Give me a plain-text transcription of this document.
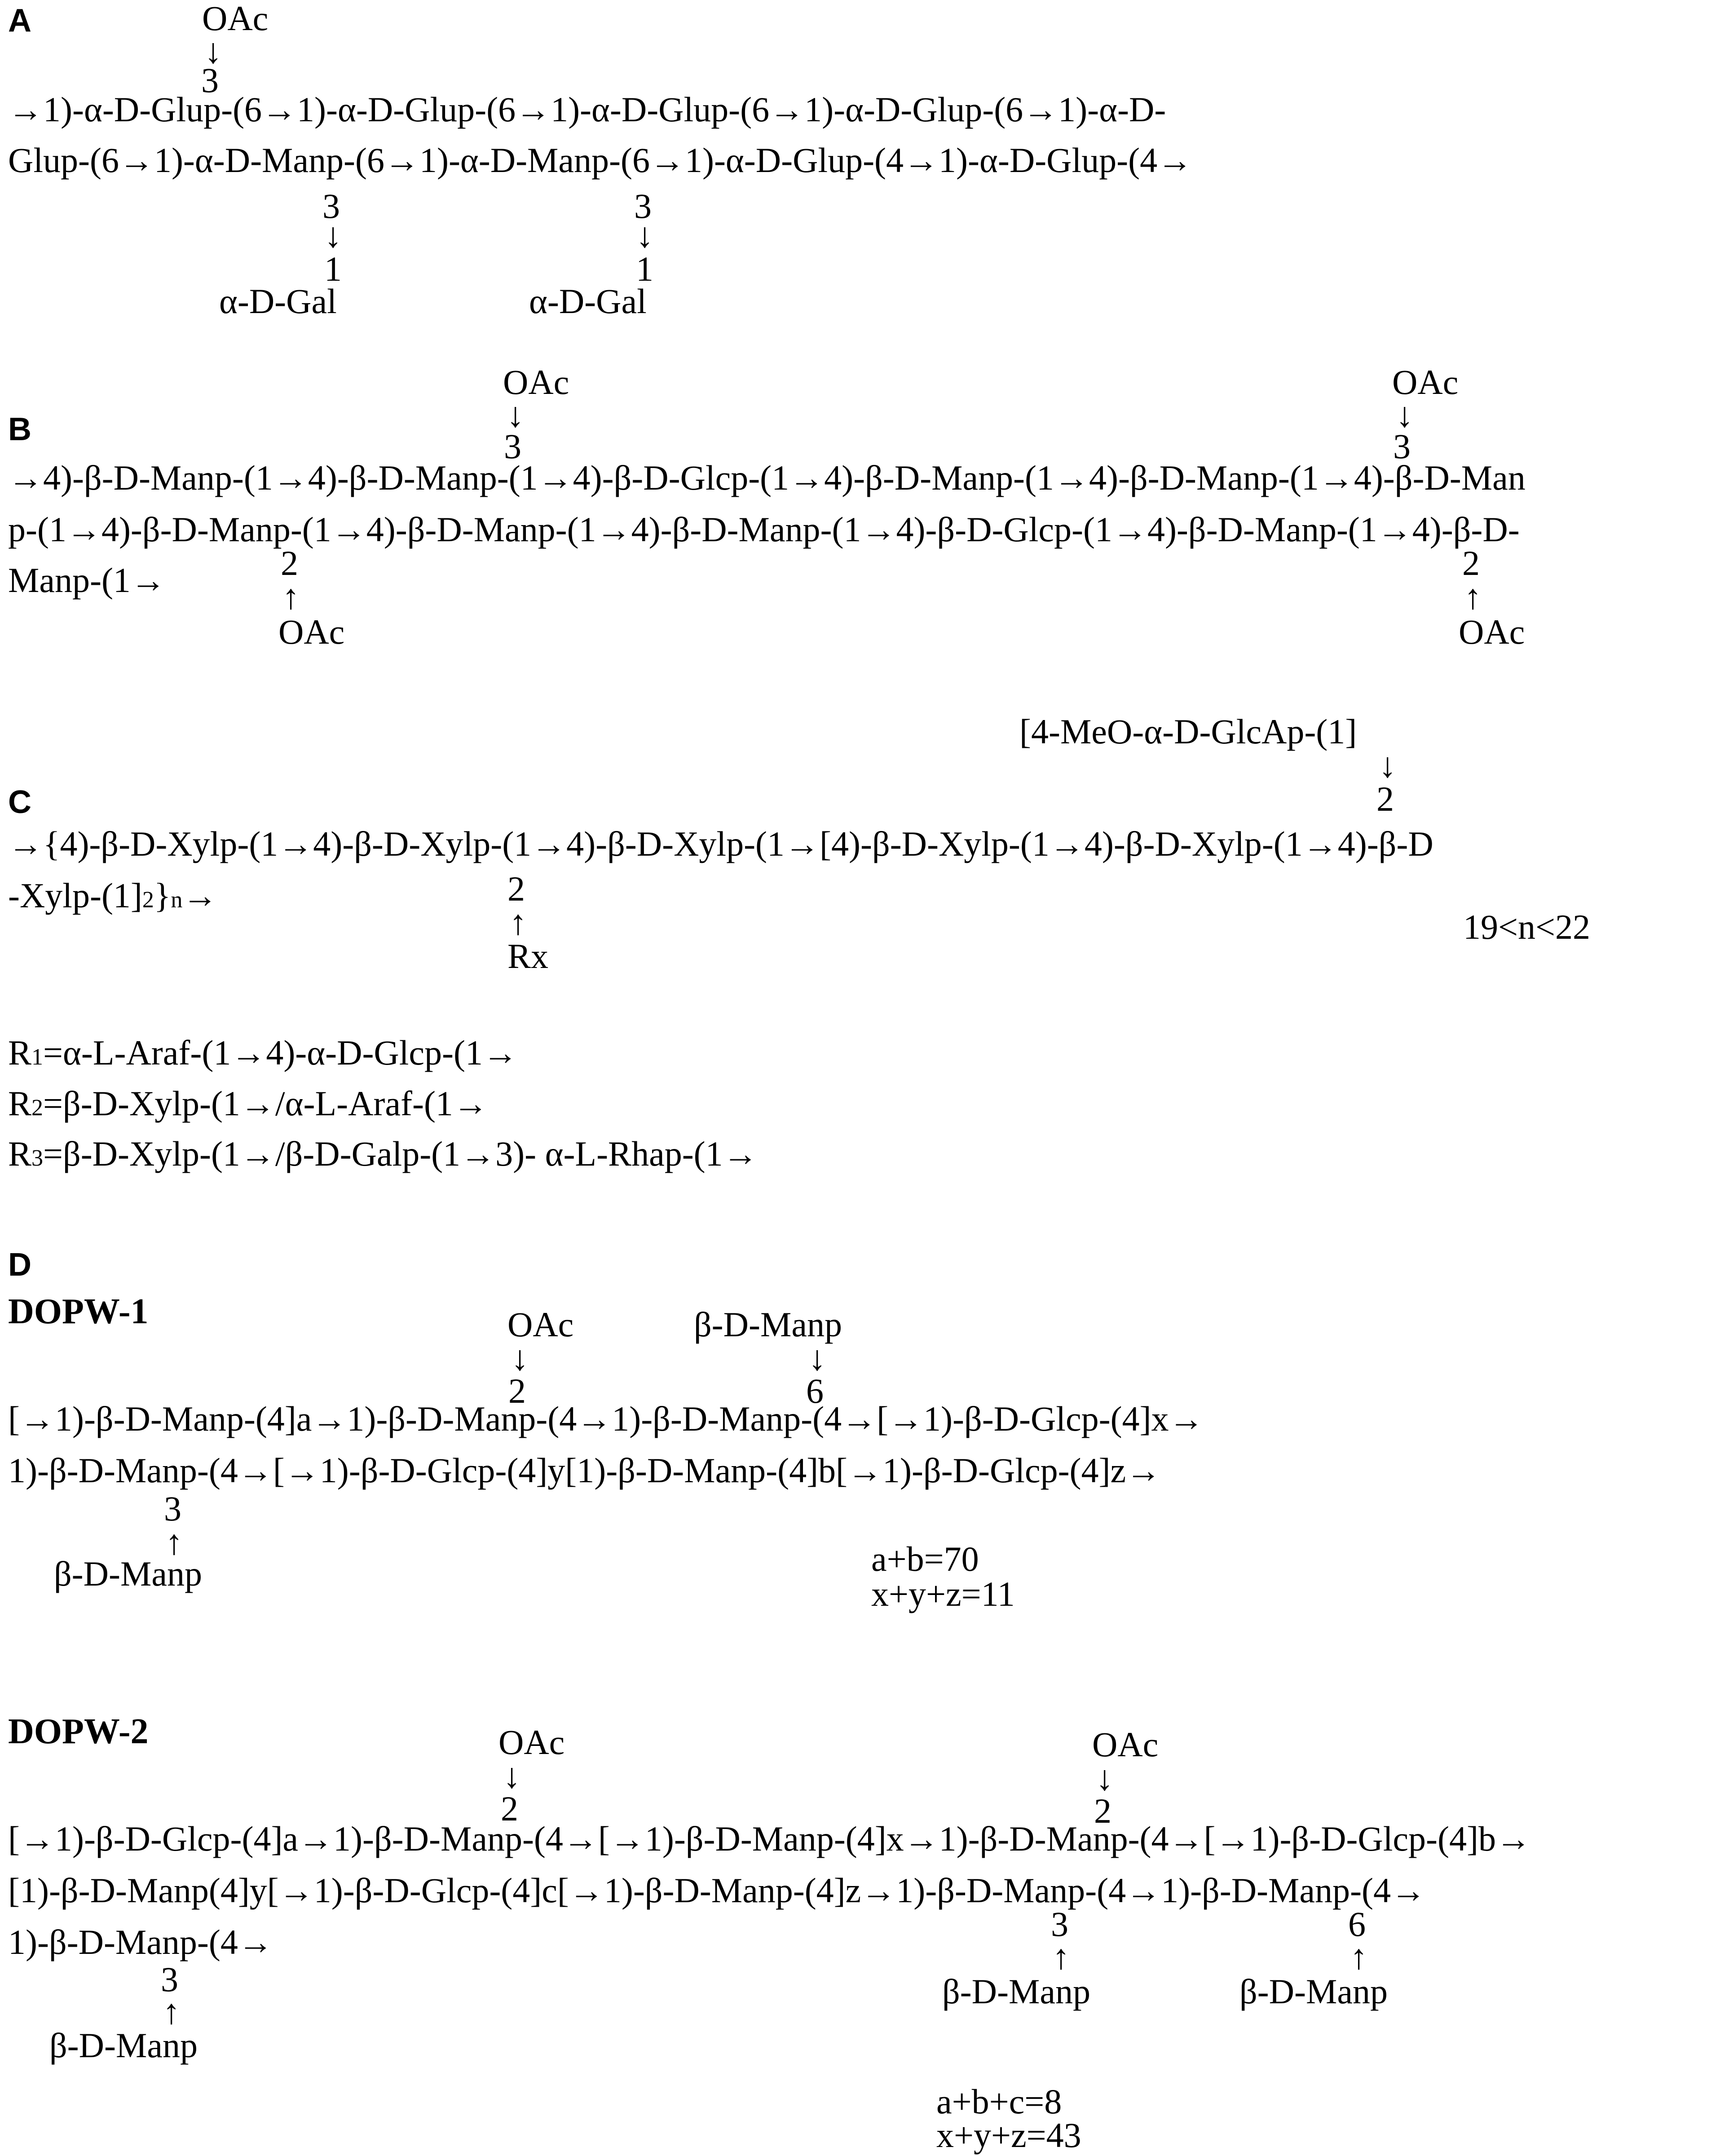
A	OAc
↓
3
→1)-α-D-Glup-(6→1)-α-D-Glup-(6→1)-α-D-Glup-(6→1)-α-D-Glup-(6→1)-α-D-
Glup-(6→1)-α-D-Manp-(6→1)-α-D-Manp-(6→1)-α-D-Glup-(4→1)-α-D-Glup-(4→
3
↓
1
α-D-Gal
3
↓
1
α-D-Gal
B
OAc
↓
3
OAc
↓
3
→4)-β-D-Manp-(1→4)-β-D-Manp-(1→4)-β-D-Glcp-(1→4)-β-D-Manp-(1→4)-β-D-Manp-(1→4)-β-D-Man
p-(1→4)-β-D-Manp-(1→4)-β-D-Manp-(1→4)-β-D-Manp-(1→4)-β-D-Glcp-(1→4)-β-D-Manp-(1→4)-β-D-
Manp-(1→	2
↑
OAc
2
↑
OAc
[4-MeO-α-D-GlcAp-(1]
↓
2
C
→{4)-β-D-Xylp-(1→4)-β-D-Xylp-(1→4)-β-D-Xylp-(1→[4)-β-D-Xylp-(1→4)-β-D-Xylp-(1→4)-β-D
-Xylp-(1]2}n→	2
↑
Rx
19<n<22
R1=α-L-Araf-(1→4)-α-D-Glcp-(1→
R2=β-D-Xylp-(1→/α-L-Araf-(1→
R3=β-D-Xylp-(1→/β-D-Galp-(1→3)- α-L-Rhap-(1→
D
DOPW-1	OAc
↓
2
β-D-Manp
↓
6
[→1)-β-D-Manp-(4]a→1)-β-D-Manp-(4→1)-β-D-Manp-(4→[→1)-β-D-Glcp-(4]x→
1)-β-D-Manp-(4→[→1)-β-D-Glcp-(4]y[1)-β-D-Manp-(4]b[→1)-β-D-Glcp-(4]z→
3
↑
β-D-Manp	a+b=70
x+y+z=11
DOPW-2	OAc
↓
2
OAc
↓
2
[→1)-β-D-Glcp-(4]a→1)-β-D-Manp-(4→[→1)-β-D-Manp-(4]x→1)-β-D-Manp-(4→[→1)-β-D-Glcp-(4]b→
[1)-β-D-Manp(4]y[→1)-β-D-Glcp-(4]c[→1)-β-D-Manp-(4]z→1)-β-D-Manp-(4→1)-β-D-Manp-(4→
1)-β-D-Manp-(4→	3
↑
β-D-Manp
6
↑
β-D-Manp
3
↑
β-D-Manp
a+b+c=8
x+y+z=43
